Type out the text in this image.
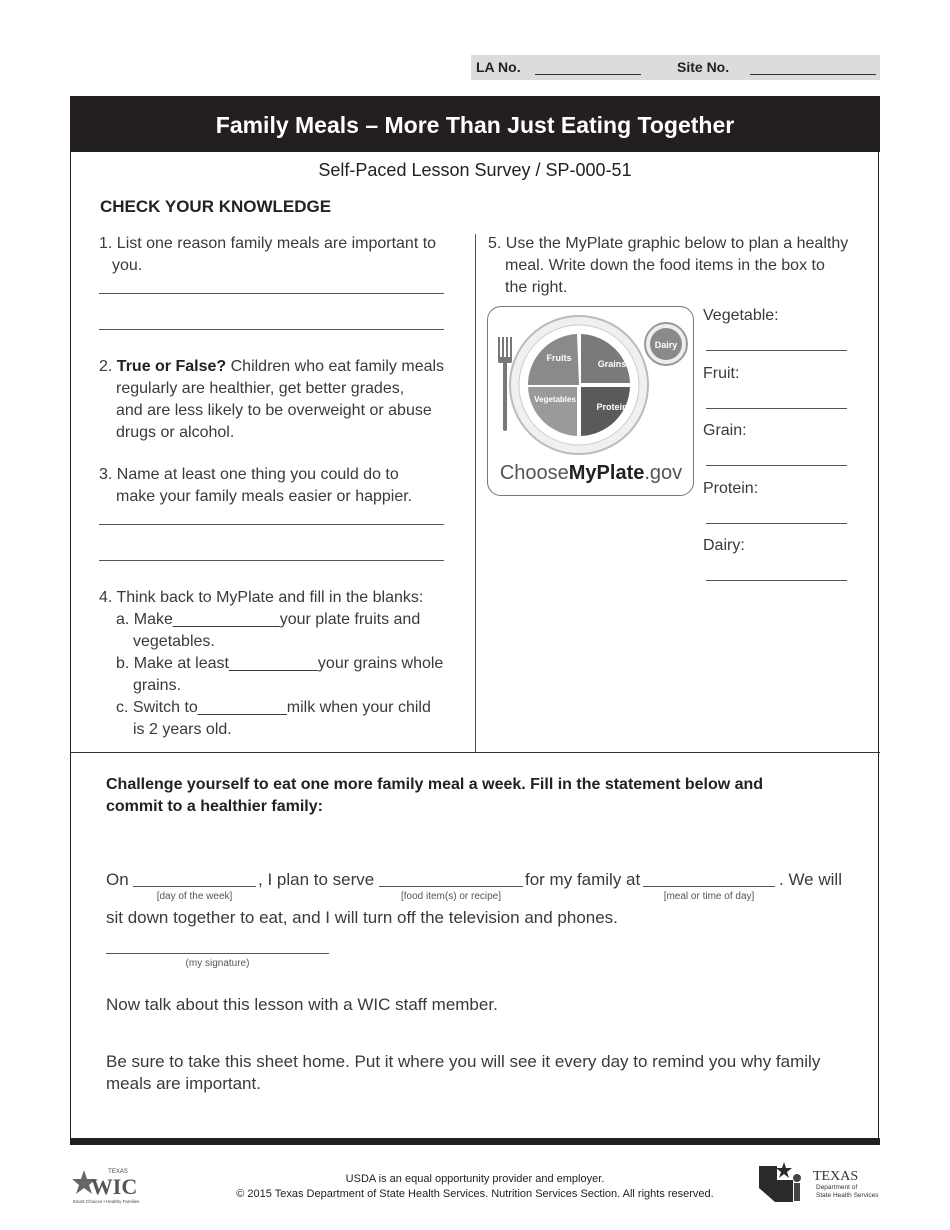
LA No.	Site No.
Family Meals – More Than Just Eating Together
Self-Paced Lesson Survey / SP-000-51
CHECK YOUR KNOWLEDGE
1. List one reason family meals are important to
you.
2. True or False? Children who eat family meals
regularly are healthier, get better grades,
and are less likely to be overweight or abuse
drugs or alcohol.
3. Name at least one thing you could do to
make your family meals easier or happier.
4. Think back to MyPlate and fill in the blanks:
a. Make____________your plate fruits and
vegetables.
b. Make at least__________your grains whole
grains.
c. Switch to__________milk when your child
is 2 years old.
5. Use the MyPlate graphic below to plan a healthy
meal. Write down the food items in the box to
the right.
Fruits
Grains
Vegetables
Protein
Dairy
ChooseMyPlate.gov
Vegetable:
Fruit:
Grain:
Protein:
Dairy:
Challenge yourself to eat one more family meal a week. Fill in the statement below and
commit to a healthier family:
On	, I plan to serve	for my family at	. We will
[day of the week]	[food item(s) or recipe]	[meal or time of day]
sit down together to eat, and I will turn off the television and phones.
(my signature)
Now talk about this lesson with a WIC staff member.
Be sure to take this sheet home. Put it where you will see it every day to remind you why family
meals are important.
TEXAS
WIC
Smart Choices • Healthy Families
USDA is an equal opportunity provider and employer.
© 2015 Texas Department of State Health Services. Nutrition Services Section. All rights reserved.
TEXAS
Department of
State Health Services
